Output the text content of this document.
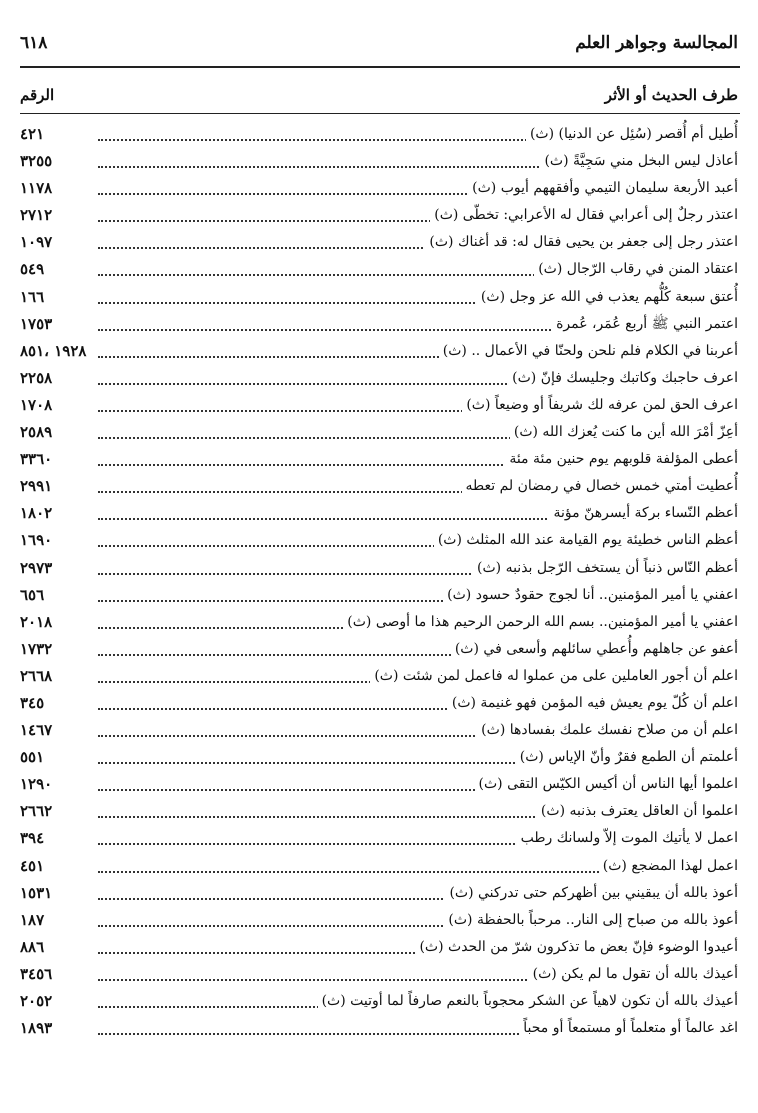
المجالسة وجواهر العلم
٦١٨
طرف الحديث أو الأثر
الرقم
أُطيل أم أُقصر (سُئِل عن الدنيا) (ث)
٤٢١
أعاذل ليس البخل مني سَجِيَّةً (ث)
٣٢٥٥
أعبد الأربعة سليمان التيمي وأفقههم أيوب (ث)
١١٧٨
اعتذر رجلٌ إلى أعرابي فقال له الأعرابي: تخطّى (ث)
٢٧١٢
اعتذر رجل إلى جعفر بن يحيى فقال له: قد أغناك (ث)
١٠٩٧
اعتقاد المنن في رقاب الرّجال (ث)
٥٤٩
أُعتق سبعة كُلُّهم يعذب في الله عز وجل (ث)
١٦٦
اعتمر النبي ﷺ أربع عُمَر، عُمرة
١٧٥٣
أعربنا في الكلام فلم نلحن ولحنّا في الأعمال .. (ث)
١٩٢٨ ،٨٥١
اعرف حاجبك وكاتبك وجليسك فإنّ (ث)
٢٢٥٨
اعرف الحق لمن عرفه لك شريفاً أو وضيعاً (ث)
١٧٠٨
أعِزّ أمْرَ الله أين ما كنت يُعزك الله (ث)
٢٥٨٩
أعطى المؤلفة قلوبهم يوم حنين مئة مئة
٣٣٦٠
أُعطيت أمتي خمس خصال في رمضان لم تعطه
٢٩٩١
أعظم النّساء بركة أيسرهنّ مؤنة
١٨٠٢
أعظم الناس خطيئة يوم القيامة عند الله المثلث (ث)
١٦٩٠
أعظم النّاس ذنباً أن يستخف الرّجل بذنبه (ث)
٢٩٧٣
اعفني يا أمير المؤمنين.. أنا لجوج حقودٌ حسود (ث)
٦٥٦
اعفني يا أمير المؤمنين.. بسم الله الرحمن الرحيم هذا ما أوصى (ث)
٢٠١٨
أعفو عن جاهلهم وأُعطي سائلهم وأسعى في (ث)
١٧٣٢
اعلم أن أجور العاملين على من عملوا له فاعمل لمن شئت (ث)
٢٦٦٨
اعلم أن كُلّ يوم يعيش فيه المؤمن فهو غنيمة (ث)
٣٤٥
اعلم أن من صلاح نفسك علمك بفسادها (ث)
١٤٦٧
أعلمتم أن الطمع فقرٌ وأنّ الإياس (ث)
٥٥١
اعلموا أيها الناس أن أكيس الكيّس التقى (ث)
١٢٩٠
اعلموا أن العاقل يعترف بذنبه (ث)
٢٦٦٢
اعمل لا يأتيك الموت إلاّ ولسانك رطب
٣٩٤
اعمل لهذا المضجع (ث)
٤٥١
أعوذ بالله أن يبقيني بين أظهركم حتى تدركني (ث)
١٥٣١
أعوذ بالله من صباح إلى النار.. مرحباً بالحفظة (ث)
١٨٧
أعيدوا الوضوء فإنّ بعض ما تذكرون شرّ من الحدث (ث)
٨٨٦
أعيذك بالله أن تقول ما لم يكن (ث)
٣٤٥٦
أعيذك بالله أن تكون لاهياً عن الشكر محجوباً بالنعم صارفاً لما أوتيت (ث)
٢٠٥٢
اغد عالماً أو متعلماً أو مستمعاً أو محباً
١٨٩٣
